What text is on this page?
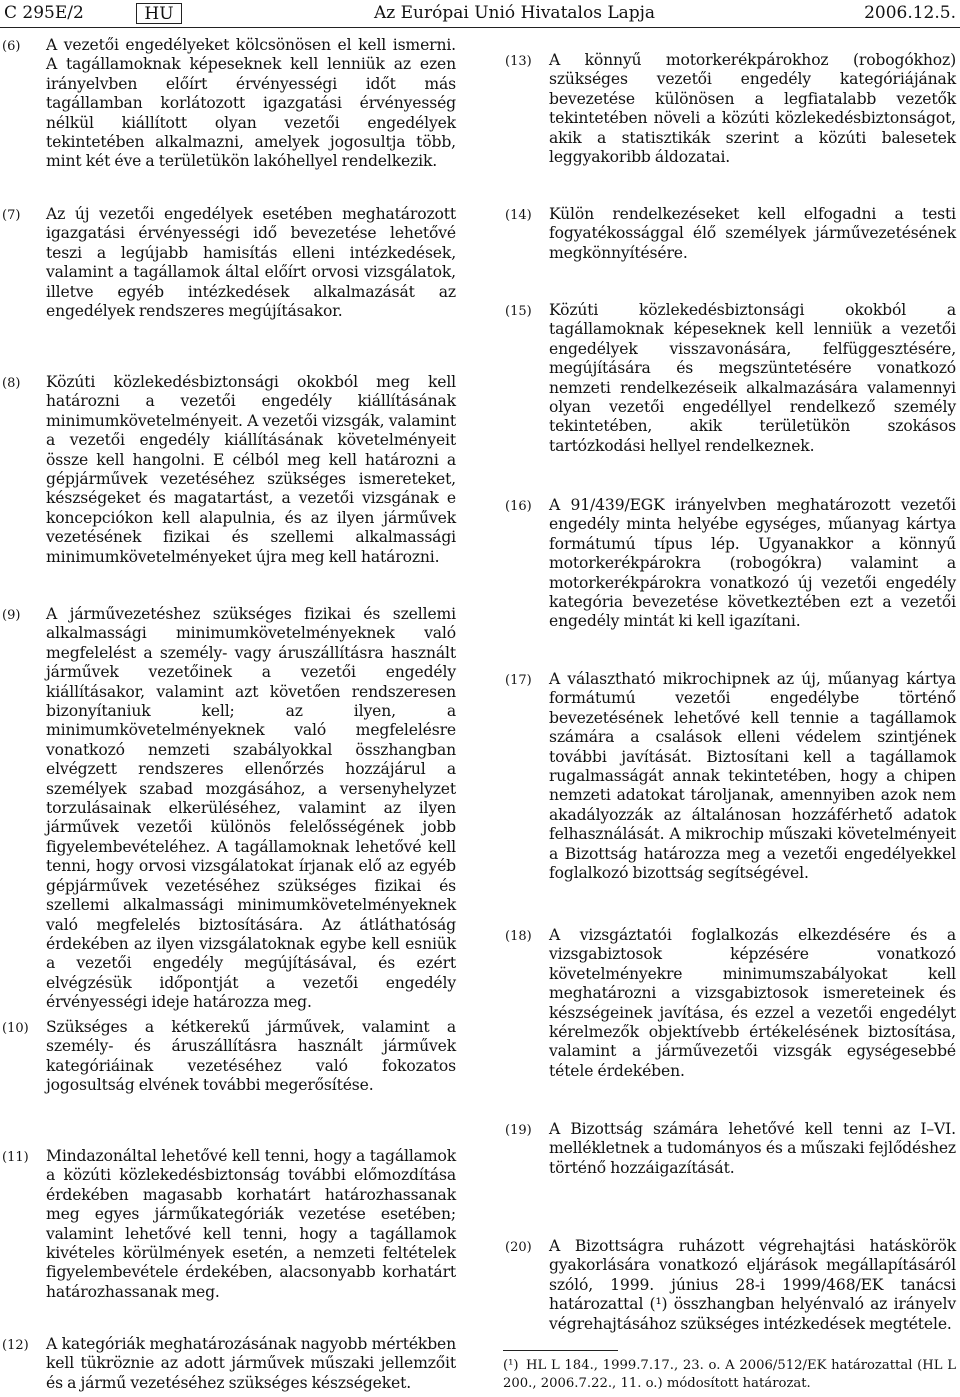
C 295E/2	HU	Az Európai Unió Hivatalos Lapja	2006.12.5.
(6) A vezetői engedélyeket kölcsönösen el kell ismerni. A tagállamoknak képeseknek kell lenniük az ezen irányelvben előírt érvényességi időt más tagállamban korlátozott igazgatási érvényesség nélkül kiállított olyan vezetői engedélyek tekintetében alkalmazni, amelyek jogosultja több, mint két éve a területükön lakóhellyel rendelkezik.
(7) Az új vezetői engedélyek esetében meghatározott igazgatási érvényességi idő bevezetése lehetővé teszi a legújabb hamisítás elleni intézkedések, valamint a tagállamok által előírt orvosi vizsgálatok, illetve egyéb intézkedések alkalmazását az engedélyek rendszeres megújításakor.
(8) Közúti közlekedésbiztonsági okokból meg kell határozni a vezetői engedély kiállításának minimumkövetelményeit. A vezetői vizsgák, valamint a vezetői engedély kiállításának követelményeit össze kell hangolni. E célból meg kell határozni a gépjárművek vezetéséhez szükséges ismereteket, készségeket és magatartást, a vezetői vizsgának e koncepciókon kell alapulnia, és az ilyen járművek vezetésének fizikai és szellemi alkalmassági minimumkövetelményeket újra meg kell határozni.
(9) A járművezetéshez szükséges fizikai és szellemi alkalmassági minimumkövetelményeknek való megfelelést a személy- vagy áruszállításra használt járművek vezetőinek a vezetői engedély kiállításakor, valamint azt követően rendszeresen bizonyítaniuk kell; az ilyen, a minimumkövetelményeknek való megfelelésre vonatkozó nemzeti szabályokkal összhangban elvégzett rendszeres ellenőrzés hozzájárul a személyek szabad mozgásához, a versenyhelyzet torzulásainak elkerüléséhez, valamint az ilyen járművek vezetői különös felelősségének jobb figyelembevételéhez. A tagállamoknak lehetővé kell tenni, hogy orvosi vizsgálatokat írjanak elő az egyéb gépjárművek vezetéséhez szükséges fizikai és szellemi alkalmassági minimumkövetelményeknek való megfelelés biztosítására. Az átláthatóság érdekében az ilyen vizsgálatoknak egybe kell esniük a vezetői engedély megújításával, és ezért elvégzésük időpontját a vezetői engedély érvényességi ideje határozza meg.
(10) Szükséges a kétkerekű járművek, valamint a személy- és áruszállításra használt járművek kategóriáinak vezetéséhez való fokozatos jogosultság elvének további megerősítése.
(11) Mindazonáltal lehetővé kell tenni, hogy a tagállamok a közúti közlekedésbiztonság további előmozdítása érdekében magasabb korhatárt határozhassanak meg egyes járműkategóriák vezetése esetében; valamint lehetővé kell tenni, hogy a tagállamok kivételes körülmények esetén, a nemzeti feltételek figyelembevétele érdekében, alacsonyabb korhatárt határozhassanak meg.
(12) A kategóriák meghatározásának nagyobb mértékben kell tükröznie az adott járművek műszaki jellemzőit és a jármű vezetéséhez szükséges készségeket.
(13) A könnyű motorkerékpárokhoz (robogókhoz) szükséges vezetői engedély kategóriájának bevezetése különösen a legfiatalabb vezetők tekintetében növeli a közúti közlekedésbiztonságot, akik a statisztikák szerint a közúti balesetek leggyakoribb áldozatai.
(14) Külön rendelkezéseket kell elfogadni a testi fogyatékossággal élő személyek járművezetésének megkönnyítésére.
(15) Közúti közlekedésbiztonsági okokból a tagállamoknak képeseknek kell lenniük a vezetői engedélyek visszavonására, felfüggesztésére, megújítására és megszüntetésére vonatkozó nemzeti rendelkezéseik alkalmazására valamennyi olyan vezetői engedéllyel rendelkező személy tekintetében, akik területükön szokásos tartózkodási hellyel rendelkeznek.
(16) A 91/439/EGK irányelvben meghatározott vezetői engedély minta helyébe egységes, műanyag kártya formátumú típus lép. Ugyanakkor a könnyű motorkerékpárokra (robogókra) valamint a motorkerékpárokra vonatkozó új vezetői engedély kategória bevezetése következtében ezt a vezetői engedély mintát ki kell igazítani.
(17) A választható mikrochipnek az új, műanyag kártya formátumú vezetői engedélybe történő bevezetésének lehetővé kell tennie a tagállamok számára a csalások elleni védelem szintjének további javítását. Biztosítani kell a tagállamok rugalmasságát annak tekintetében, hogy a chipen nemzeti adatokat tároljanak, amennyiben azok nem akadályozzák az általánosan hozzáférhető adatok felhasználását. A mikrochip műszaki követelményeit a Bizottság határozza meg a vezetői engedélyekkel foglalkozó bizottság segítségével.
(18) A vizsgáztatói foglalkozás elkezdésére és a vizsgabiztosok képzésére vonatkozó követelményekre minimumszabályokat kell meghatározni a vizsgabiztosok ismereteinek és készségeinek javítása, és ezzel a vezetői engedélyt kérelmezők objektívebb értékelésének biztosítása, valamint a járművezetői vizsgák egységesebbé tétele érdekében.
(19) A Bizottság számára lehetővé kell tenni az I–VI. mellékletnek a tudományos és a műszaki fejlődéshez történő hozzáigazítását.
(20) A Bizottságra ruházott végrehajtási hatáskörök gyakorlására vonatkozó eljárások megállapításáról szóló, 1999. június 28-i 1999/468/EK tanácsi határozattal (¹) összhangban helyénvaló az irányelv végrehajtásához szükséges intézkedések megtétele.
(¹) HL L 184., 1999.7.17., 23. o. A 2006/512/EK határozattal (HL L 200., 2006.7.22., 11. o.) módosított határozat.
